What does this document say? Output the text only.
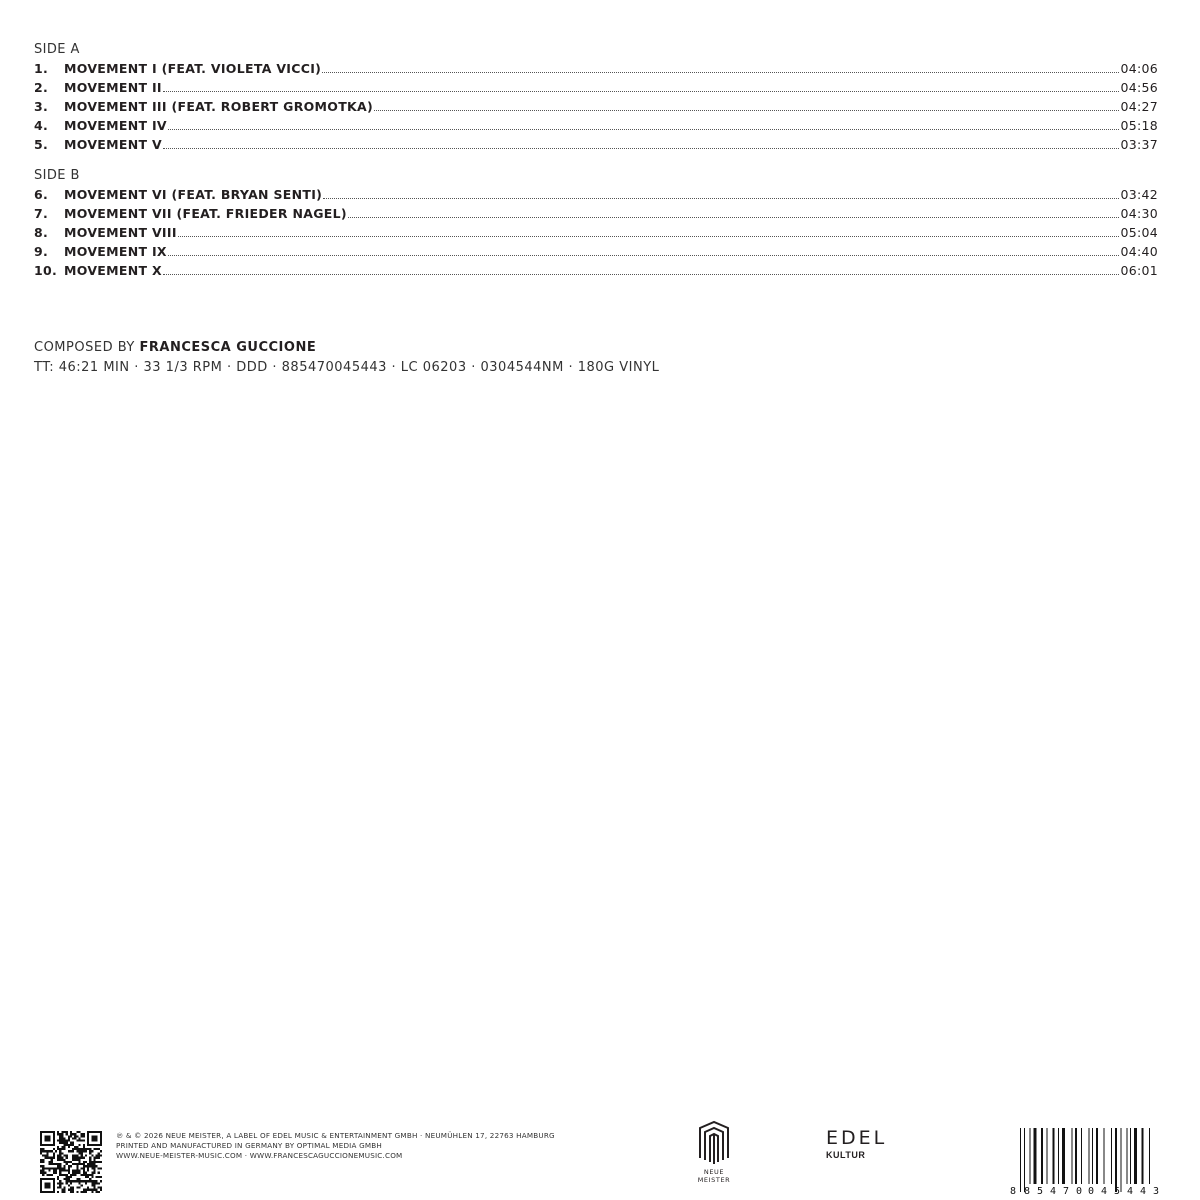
SIDE A
1.	MOVEMENT I (FEAT. VIOLETA VICCI)	04:06
2.	MOVEMENT II	04:56
3.	MOVEMENT III (FEAT. ROBERT GROMOTKA)	04:27
4.	MOVEMENT IV	05:18
5.	MOVEMENT V	03:37
SIDE B
6.	MOVEMENT VI (FEAT. BRYAN SENTI)	03:42
7.	MOVEMENT VII (FEAT. FRIEDER NAGEL)	04:30
8.	MOVEMENT VIII	05:04
9.	MOVEMENT IX	04:40
10. MOVEMENT X	06:01
COMPOSED BY FRANCESCA GUCCIONE
TT: 46:21 MIN · 33 1/3 RPM · DDD · 885470045443 · LC 06203 · 0304544NM · 180G VINYL
℗ & © 2026 NEUE MEISTER, A LABEL OF EDEL MUSIC & ENTERTAINMENT GMBH · NEUMÜHLEN 17, 22763 HAMBURG
PRINTED AND MANUFACTURED IN GERMANY BY OPTIMAL MEDIA GMBH
WWW.NEUE-MEISTER-MUSIC.COM · WWW.FRANCESCAGUCCIONEMUSIC.COM
NEUE MEISTER
EDEL
KULTUR
8 85470 04544 3
